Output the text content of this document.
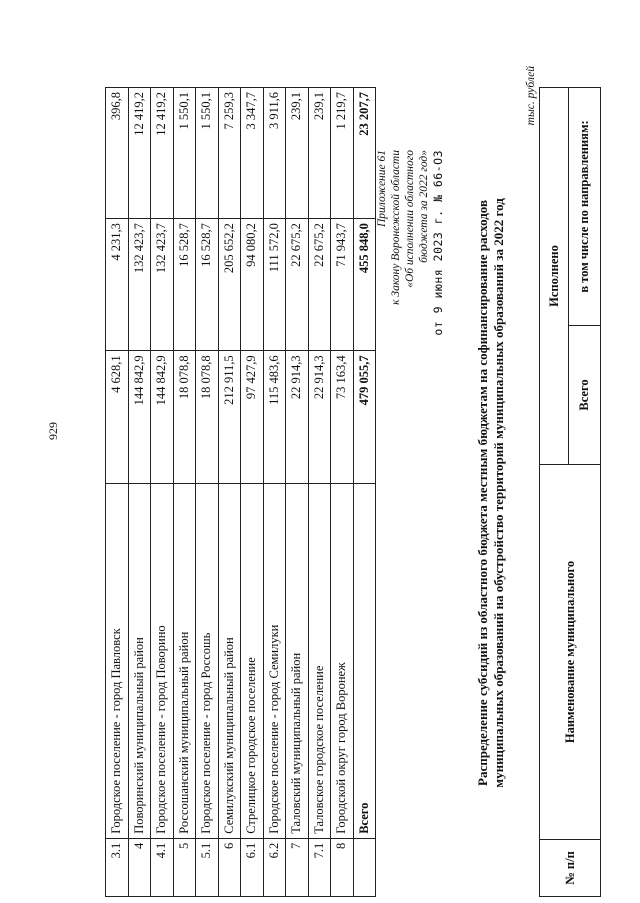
929
3.1	Городское поселение - город Павловск	4 628,1	4 231,3	396,8
4	Поворинский муниципальный район	144 842,9	132 423,7	12 419,2
4.1	Городское поселение - город Поворино	144 842,9	132 423,7	12 419,2
5	Россошанский муниципальный район	18 078,8	16 528,7	1 550,1
5.1	Городское поселение - город Россошь	18 078,8	16 528,7	1 550,1
6	Семилукский муниципальный район	212 911,5	205 652,2	7 259,3
6.1	Стрелицкое городское поселение	97 427,9	94 080,2	3 347,7
6.2	Городское поселение - город Семилуки	115 483,6	111 572,0	3 911,6
7	Таловский муниципальный район	22 914,3	22 675,2	239,1
7.1	Таловское городское поселение	22 914,3	22 675,2	239,1
8	Городской округ город Воронеж	73 163,4	71 943,7	1 219,7
	Всего	479 055,7	455 848,0	23 207,7
Приложение 61 к Закону Воронежской области «Об исполнении областного бюджета за 2022 год» от 9 июня 2023 г. № 66-ОЗ Распределение субсидий из областного бюджета местным бюджетам на софинансирование расходов муниципальных образований на обустройство территорий муниципальных образований за 2022 год
тыс. рублей
№ п/п	Наименование муниципального	Исполнено	
		Всего	в том числе по направлениям:
